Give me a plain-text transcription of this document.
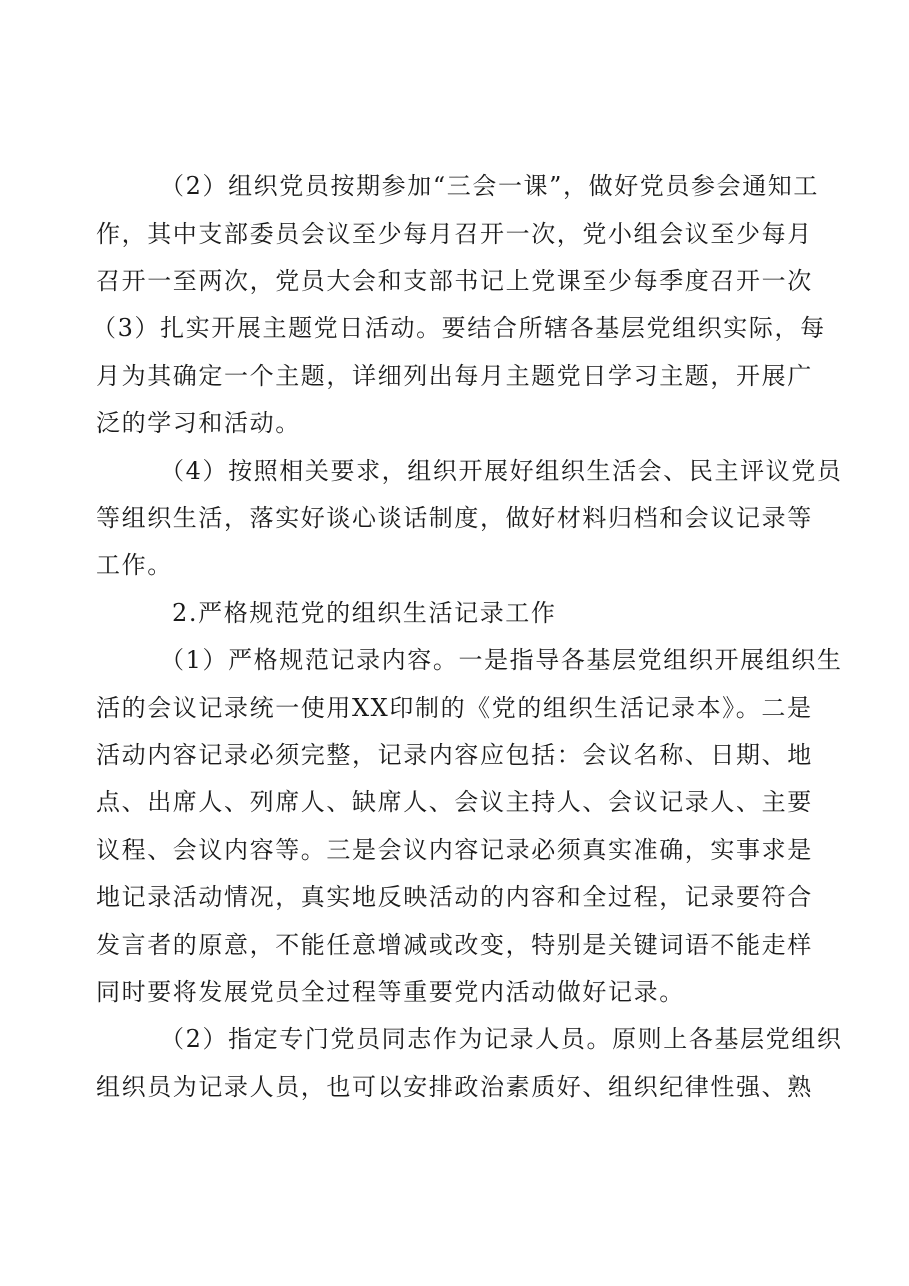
（2）组织党员按期参加“三会一课”，做好党员参会通知工
作，其中支部委员会议至少每月召开一次，党小组会议至少每月
召开一至两次，党员大会和支部书记上党课至少每季度召开一次
（3）扎实开展主题党日活动。要结合所辖各基层党组织实际，每
月为其确定一个主题，详细列出每月主题党日学习主题，开展广
泛的学习和活动。
（4）按照相关要求，组织开展好组织生活会、民主评议党员
等组织生活，落实好谈心谈话制度，做好材料归档和会议记录等
工作。
2.严格规范党的组织生活记录工作
（1）严格规范记录内容。一是指导各基层党组织开展组织生
活的会议记录统一使用XX印制的《党的组织生活记录本》。二是
活动内容记录必须完整，记录内容应包括：会议名称、日期、地
点、出席人、列席人、缺席人、会议主持人、会议记录人、主要
议程、会议内容等。三是会议内容记录必须真实准确，实事求是
地记录活动情况，真实地反映活动的内容和全过程，记录要符合
发言者的原意，不能任意增减或改变，特别是关键词语不能走样
同时要将发展党员全过程等重要党内活动做好记录。
（2）指定专门党员同志作为记录人员。原则上各基层党组织
组织员为记录人员，也可以安排政治素质好、组织纪律性强、熟
